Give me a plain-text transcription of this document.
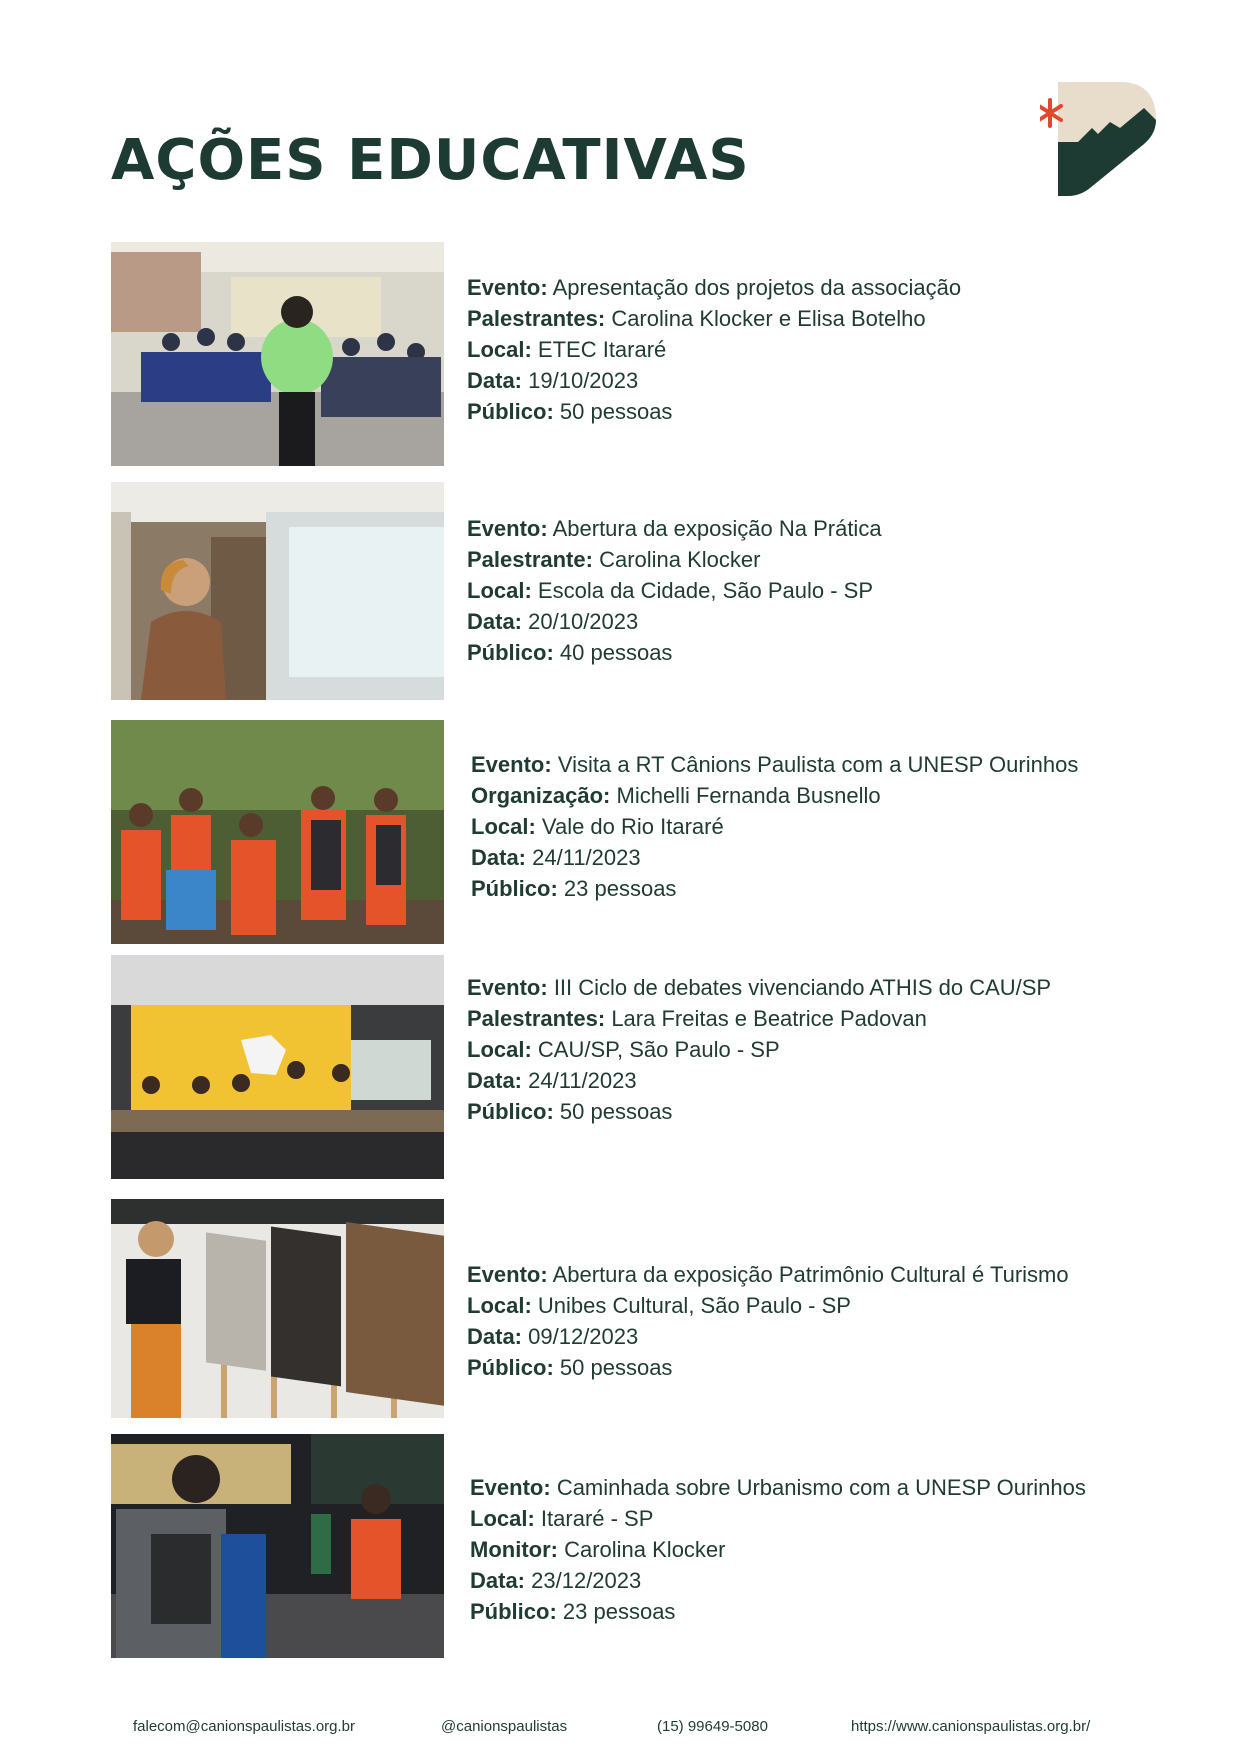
AÇÕES EDUCATIVAS
Evento: Apresentação dos projetos da associação
Palestrantes: Carolina Klocker e Elisa Botelho
Local: ETEC Itararé
Data: 19/10/2023
Público: 50 pessoas
Evento: Abertura da exposição Na Prática
Palestrante: Carolina Klocker
Local: Escola da Cidade, São Paulo - SP
Data: 20/10/2023
Público: 40 pessoas
Evento: Visita a RT Cânions Paulista com a UNESP Ourinhos
Organização: Michelli Fernanda Busnello
Local: Vale do Rio Itararé
Data: 24/11/2023
Público: 23 pessoas
Evento: III Ciclo de debates vivenciando ATHIS do CAU/SP
Palestrantes: Lara Freitas e Beatrice Padovan
Local: CAU/SP, São Paulo - SP
Data: 24/11/2023
Público: 50 pessoas
Evento: Abertura da exposição Patrimônio Cultural é Turismo
Local: Unibes Cultural, São Paulo - SP
Data: 09/12/2023
Público: 50 pessoas
Evento: Caminhada sobre Urbanismo com a UNESP Ourinhos
Local: Itararé - SP
Monitor: Carolina Klocker
Data: 23/12/2023
Público: 23 pessoas
falecom@canionspaulistas.org.br	@canionspaulistas	(15) 99649-5080	https://www.canionspaulistas.org.br/
